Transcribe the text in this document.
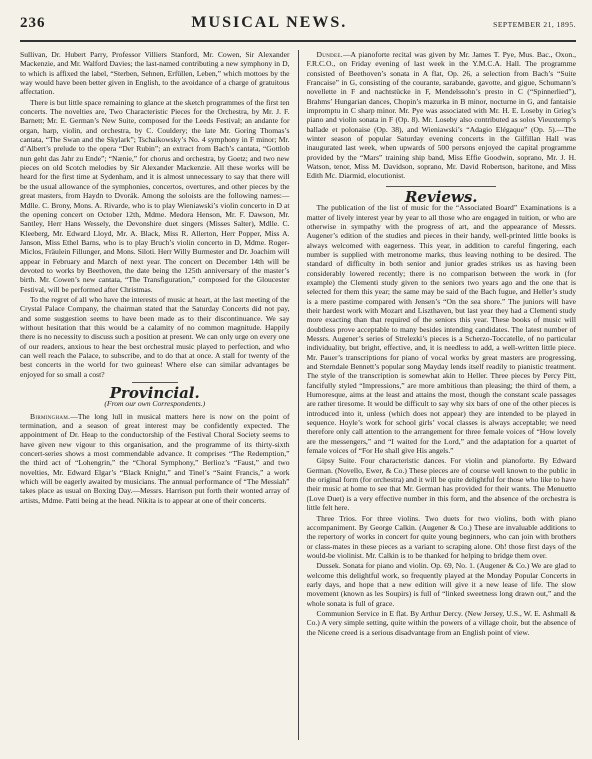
236	MUSICAL NEWS.	SEPTEMBER 21, 1895.

Sullivan, Dr. Hubert Parry, Professor Villiers Stanford, Mr. Cowen, Sir Alexander Mackenzie, and Mr. Walford Davies; the last-named contributing a new symphony in D, to which is affixed the label, “Sterben, Sehnen, Erfüllen, Leben,” which mottoes by the way would have been better given in English, to the avoidance of a charge of gratuitous affectation.

There is but little space remaining to glance at the sketch programmes of the first ten concerts. The novelties are, Two Characteristic Pieces for the Orchestra, by Mr. J. F. Barnett; Mr. E. German’s New Suite, composed for the Leeds Festival; an andante for organ, harp, violin, and orchestra, by C. Couldery; the late Mr. Goring Thomas’s cantata, “The Swan and the Skylark”; Tschaikowsky’s No. 4 symphony in F minor; Mr. d’Albert’s prelude to the opera “Der Rubin”; an extract from Bach’s cantata, “Gottlob nun geht das Jahr zu Ende”; “Nænie,” for chorus and orchestra, by Goetz; and two new pieces on old Scotch melodies by Sir Alexander Mackenzie. All these works will be heard for the first time at Sydenham, and it is almost unnecessary to say that there will be the usual allowance of the symphonies, concertos, overtures, and other pieces by the great masters, from Haydn to Dvorák. Among the soloists are the following names:—Mdlle. C. Brony, Mons. A. Rivarde, who is to play Wieniawski’s violin concerto in D at the opening concert on October 12th, Mdme. Medora Henson, Mr. F. Dawson, Mr. Santley, Herr Hans Wessely, the Devonshire duet singers (Misses Salter), Mdlle. C. Kleeberg, Mr. Edward Lloyd, Mr. A. Black, Miss R. Allerton, Herr Popper, Miss A. Janson, Miss Ethel Barns, who is to play Bruch’s violin concerto in D, Mdme. Roger-Miclos, Fräulein Fillunger, and Mons. Siloti. Herr Willy Burmester and Dr. Joachim will appear in February and March of next year. The concert on December 14th will be devoted to works by Beethoven, the date being the 125th anniversary of the master’s birth. Mr. Cowen’s new cantata, “The Transfiguration,” composed for the Gloucester Festival, will be performed after Christmas.

To the regret of all who have the interests of music at heart, at the last meeting of the Crystal Palace Company, the chairman stated that the Saturday Concerts did not pay, and some suggestion seems to have been made as to their discontinuance. We say without hesitation that this would be a calamity of no common magnitude. Happily there is no necessity to discuss such a position at present. We can only urge on every one of our readers, anxious to hear the best orchestral music played to perfection, and who can well reach the Palace, to subscribe, and to do that at once. A stall for twenty of the best concerts in the world for two guineas! Where else can similar advantages be enjoyed for so small a cost?

Provincial.
(From our own Correspondents.)

Birmingham.—The long lull in musical matters here is now on the point of termination, and a season of great interest may be confidently expected. The appointment of Dr. Heap to the conductorship of the Festival Choral Society seems to have given new vigour to this organisation, and the programme of its thirty-sixth concert-series shows a most commendable advance. It comprises “The Redemption,” the third act of “Lohengrin,” the “Choral Symphony,” Berlioz’s “Faust,” and two novelties, Mr. Edward Elgar’s “Black Knight,” and Tinel’s “Saint Francis,” a work which will be eagerly awaited by musicians. The annual performance of “The Messiah” takes place as usual on Boxing Day.—Messrs. Harrison put forth their wonted array of artists, Mdme. Patti being at the head. Nikita is to appear at one of their concerts.

Dundee.—A pianoforte recital was given by Mr. James T. Pye, Mus. Bac., Oxon., F.R.C.O., on Friday evening of last week in the Y.M.C.A. Hall. The programme consisted of Beethoven’s sonata in A flat, Op. 26, a selection from Bach’s “Suite Francaise” in G, consisting of the courante, sarabande, gavotte, and gigue, Schumann’s novellette in F and nachtstücke in F, Mendelssohn’s presto in C (“Spinnerlied”), Brahms’ Hungarian dances, Chopin’s mazurka in B minor, nocturne in G, and fantaisie impromptu in C sharp minor. Mr. Pye was associated with Mr. H. E. Loseby in Grieg’s piano and violin sonata in F (Op. 8). Mr. Loseby also contributed as solos Vieuxtemp’s ballade et polonaise (Op. 38), and Wieniawski’s “Adagio Elégaque” (Op. 5).—The winter season of popular Saturday evening concerts in the Gilfillan Hall was inaugurated last week, when upwards of 500 persons enjoyed the capital programme provided by the “Mars” training ship band, Miss Effie Goodwin, soprano, Mr. J. H. Watson, tenor, Miss M. Davidson, soprano, Mr. David Robertson, baritone, and Miss Edith Mc. Diarmid, elocutionist.

Reviews.

The publication of the list of music for the “Associated Board” Examinations is a matter of lively interest year by year to all those who are engaged in tuition, or who are otherwise in sympathy with the progress of art, and the appearance of Messrs. Augener’s edition of the studies and pieces in their handy, well-printed little books is always welcomed with eagerness. This year, in addition to careful fingering, each number is supplied with metronome marks, thus leaving nothing to be desired. The standard of difficulty in both senior and junior grades strikes us as having been considerably lowered recently; there is no comparison between the work in (for example) the Clementi study given to the seniors two years ago and the one that is selected for them this year; the same may be said of the Bach fugue, and Heller’s study is a mere pastime compared with Jensen’s “On the sea shore.” The juniors will have their hardest work with Mozart and Liszthaven, but last year they had a Clementi study more exacting than that required of the seniors this year. These books of music will doubtless prove acceptable to many besides intending candidates. The latest number of Messrs. Augener’s series of Strelezki’s pieces is a Scherzo-Toccatelle, of no particular individuality, but bright, effective, and, it is needless to add, a well-written little piece. Mr. Pauer’s transcriptions for piano of vocal works by great masters are progressing, and Sterndale Bennett’s popular song Mayday lends itself readily to pianistic treatment. The style of the transcription is somewhat akin to Heller. Three pieces by Percy Pitt, fancifully styled “Impressions,” are more ambitious than pleasing; the third of them, a Humoresque, aims at the least and attains the most, though the constant scale passages are rather tiresome. It would be difficult to say why six bars of one of the other pieces is introduced into it, unless (which does not appear) they are intended to be played in sequence. Hoyle’s work for school girls’ vocal classes is always acceptable; we need therefore only call attention to the arrangement for three female voices of “How lovely are the messengers,” and “I waited for the Lord,” and the adaptation for a quartet of female voices of “For He shall give His angels.”

Gipsy Suite. Four characteristic dances. For violin and pianoforte. By Edward German. (Novello, Ewer, & Co.) These pieces are of course well known to the public in the original form (for orchestra) and it will be quite delightful for those who like to have their music at home to see that Mr. German has provided for their wants. The Menuetto (Love Duet) is a very effective number in this form, and the absence of the orchestra is little felt here.

Three Trios. For three violins. Two duets for two violins, both with piano accompaniment. By George Calkin. (Augener & Co.) These are invaluable additions to the repertory of works in concert for quite young beginners, who can join with brothers or class-mates in these pieces as a variant to scraping alone. Oh! those first days of the would-be violinist. Mr. Calkin is to be thanked for helping to bridge them over.

Dussek. Sonata for piano and violin. Op. 69, No. 1. (Augener & Co.) We are glad to welcome this delightful work, so frequently played at the Monday Popular Concerts in early days, and hope that a new edition will give it a new lease of life. The slow movement (known as les Soupirs) is full of “linked sweetness long drawn out,” and the whole sonata is full of grace.

Communion Service in E flat. By Arthur Dercy. (New Jersey, U.S., W. E. Ashmall & Co.) A very simple setting, quite within the powers of a village choir, but the absence of the Nicene creed is a serious disadvantage from an English point of view.
